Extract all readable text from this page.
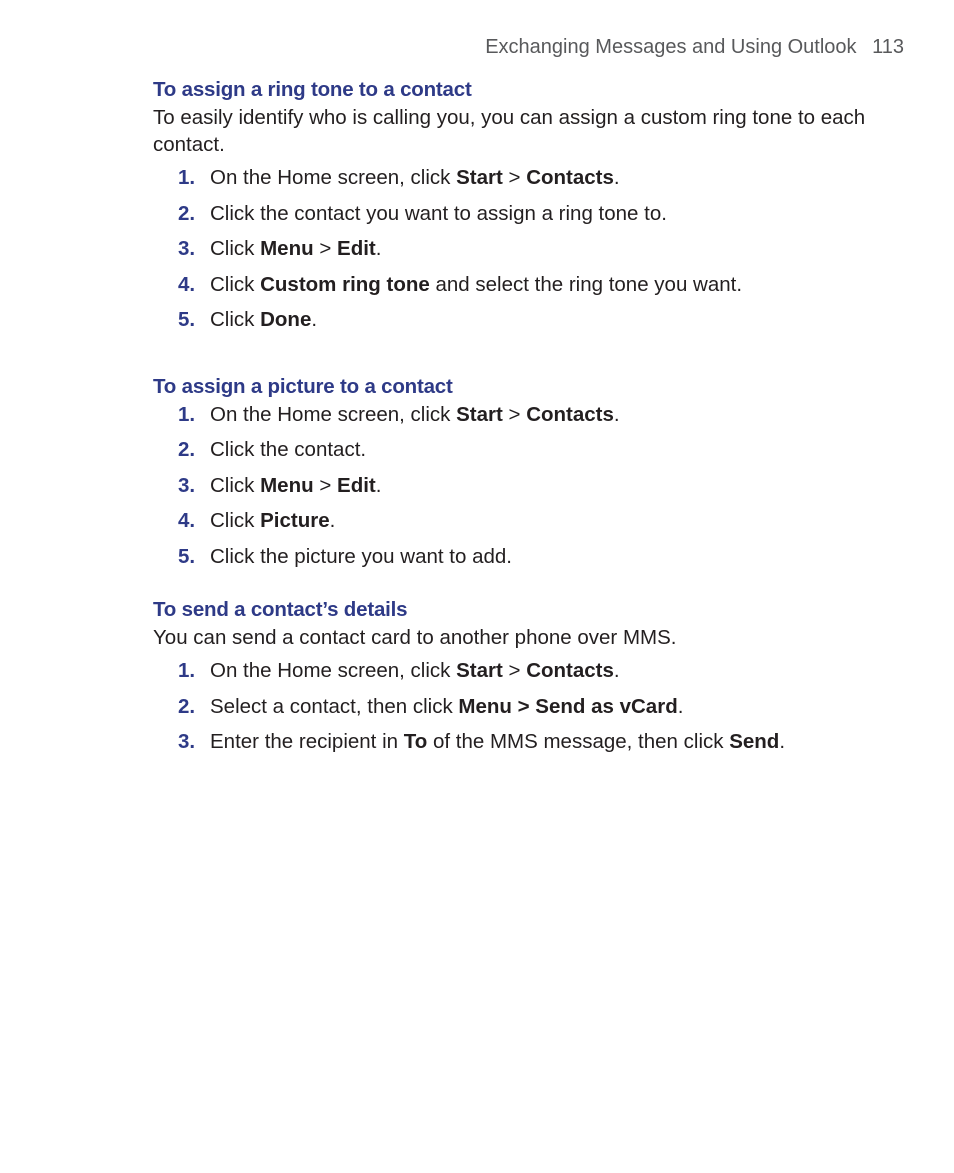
Exchanging Messages and Using Outlook 113
To assign a ring tone to a contact

To easily identify who is calling you, you can assign a custom ring tone to each contact.

1. On the Home screen, click Start > Contacts.
2. Click the contact you want to assign a ring tone to.
3. Click Menu > Edit.
4. Click Custom ring tone and select the ring tone you want.
5. Click Done.
To assign a picture to a contact
1. On the Home screen, click Start > Contacts.
2. Click the contact.
3. Click Menu > Edit.
4. Click Picture.
5. Click the picture you want to add.
To send a contact’s details

You can send a contact card to another phone over MMS.

1. On the Home screen, click Start > Contacts.
2. Select a contact, then click Menu > Send as vCard.
3. Enter the recipient in To of the MMS message, then click Send.
